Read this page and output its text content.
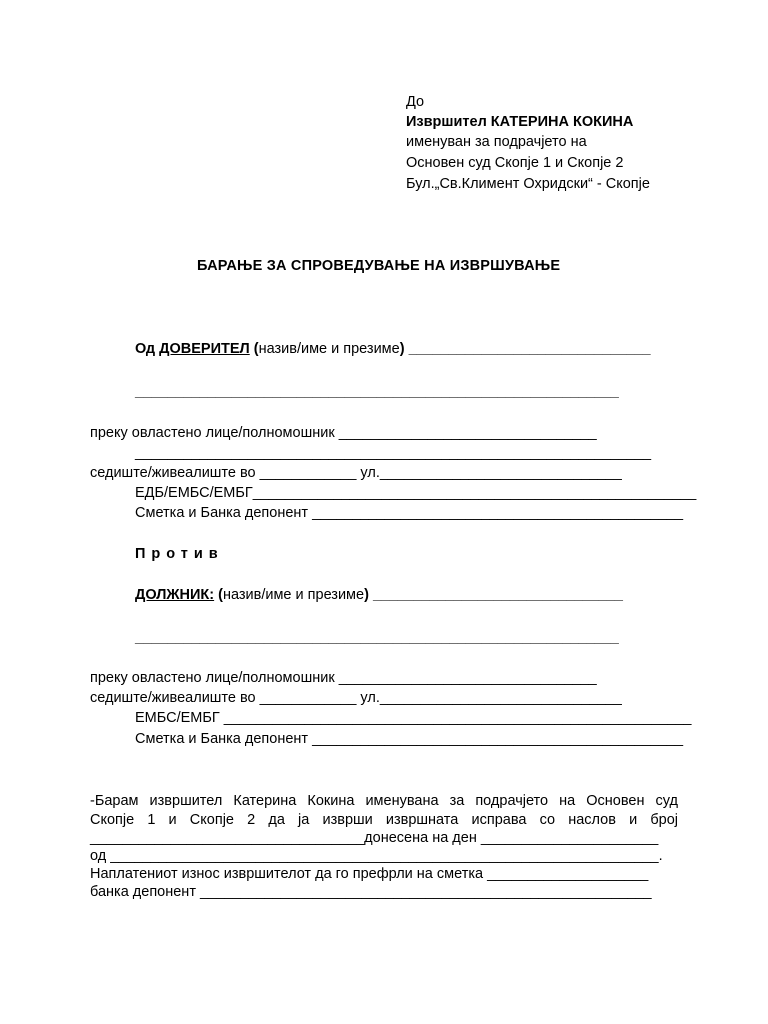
До
Извршител КАТЕРИНА КОКИНА
именуван за подрачјето на
Основен суд Скопје 1 и Скопје 2
Бул.„Св.Климент Охридски“ - Скопје
БАРАЊЕ ЗА СПРОВЕДУВАЊЕ НА ИЗВРШУВАЊЕ
Од ДОВЕРИТЕЛ (назив/име и презиме) ______________________________
____________________________________________________________
преку овластено лице/полномошник ________________________________
________________________________________________________________
седиште/живеалиште во ____________ ул.______________________________
ЕДБ/ЕМБС/ЕМБГ_______________________________________________________
Сметка и Банка депонент ______________________________________________
Против
ДОЛЖНИК: (назив/име и презиме) _______________________________
____________________________________________________________
преку овластено лице/полномошник ________________________________
седиште/живеалиште во ____________ ул.______________________________
ЕМБС/ЕМБГ __________________________________________________________
Сметка и Банка депонент ______________________________________________
-Барам извршител Катерина Кокина именувана за подрачјето на Основен суд
Скопје 1 и Скопје 2 да ја изврши извршната исправа со наслов и број
__________________________________донесена на ден ______________________
од ____________________________________________________________________.
Наплатениот износ извршителот да го префрли на сметка ____________________
банка депонент ________________________________________________________
